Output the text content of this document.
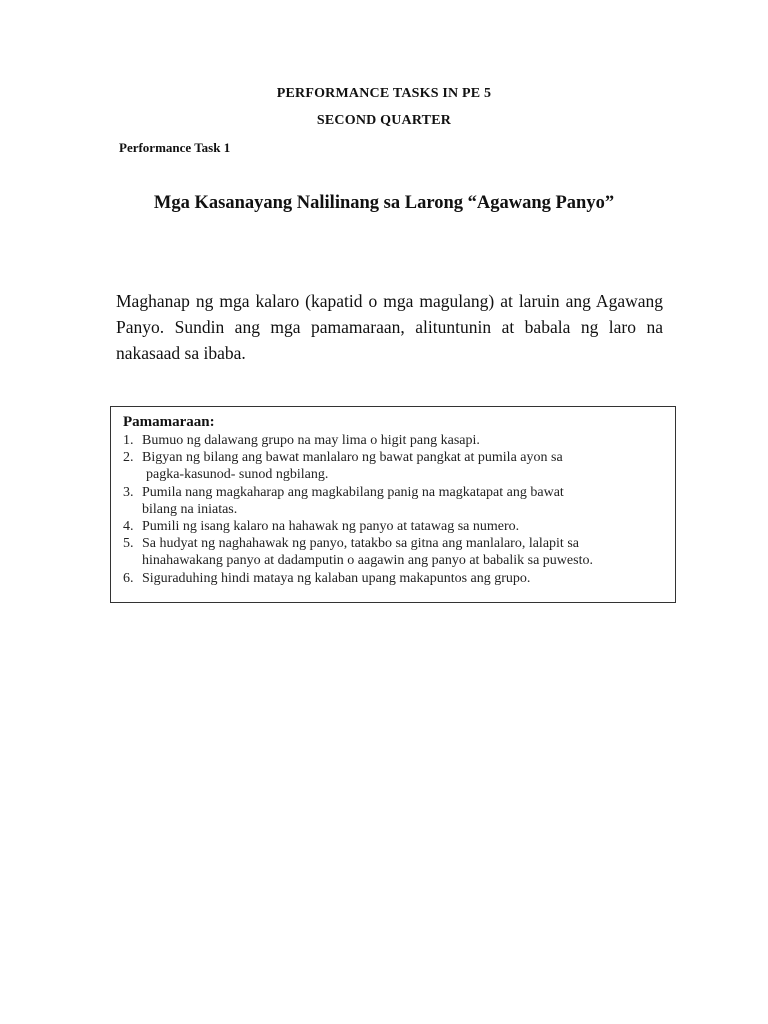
PERFORMANCE TASKS IN PE 5
SECOND QUARTER
Performance Task 1
Mga Kasanayang Nalilinang sa Larong “Agawang Panyo”

Maghanap ng mga kalaro (kapatid o mga magulang) at laruin ang Agawang Panyo. Sundin ang mga pamamaraan, alituntunin at babala ng laro na nakasaad sa ibaba.

Pamamaraan:
1. Bumuo ng dalawang grupo na may lima o higit pang kasapi.
2. Bigyan ng bilang ang bawat manlalaro ng bawat pangkat at pumila ayon sa
pagka-kasunod- sunod ngbilang.
3. Pumila nang magkaharap ang magkabilang panig na magkatapat ang bawat
bilang na iniatas.
4. Pumili ng isang kalaro na hahawak ng panyo at tatawag sa numero.
5. Sa hudyat ng naghahawak ng panyo, tatakbo sa gitna ang manlalaro, lalapit sa
hinahawakang panyo at dadamputin o aagawin ang panyo at babalik sa puwesto.
6. Siguraduhing hindi mataya ng kalaban upang makapuntos ang grupo.
